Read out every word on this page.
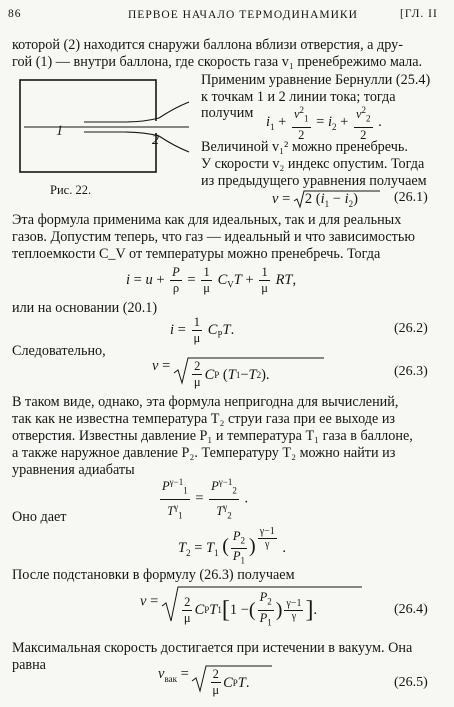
86	ПЕРВОЕ НАЧАЛО ТЕРМОДИНАМИКИ	[ГЛ. II
которой (2) находится снаружи баллона вблизи отверстия, а дру-
гой (1) — внутри баллона, где скорость газа v₁ пренебрежимо мала.
1
2
Рис. 22.
Применим уравнение Бернулли (25.4)
к точкам 1 и 2 линии тока; тогда
получим
$i_1 + \frac{v^2_1}{2} = i_2 + \frac{v^2_2}{2}$ .
Величиной v₁² можно пренебречь.
У скорости v₂ индекс опустим. Тогда
из предыдущего уравнения получаем
v =
2 $(i_1 - i_2)$	(26.1)
Эта формула применима как для идеальных, так и для реальных
газов. Допустим теперь, что газ — идеальный и что зависимостью
теплоемкости C_V от температуры можно пренебречь. Тогда
$i = u + \frac{P}{\rho} = \frac{1}{\mu} C_VT + \frac{1}{\mu}$ RT,
или на основании (20.1)
$i = \frac{1}{\mu} C_PT$.	(26.2)
Следовательно,
$v = \frac{2}{\mu}$ C P ( T 1 − T 2 ).	(26.3)
В таком виде, однако, эта формула непригодна для вычислений,
так как не известна температура T₂ струи газа при ее выходе из
отверстия. Известны давление P₁ и температура T₁ газа в баллоне,
а также наружное давление P₂. Температуру T₂ можно найти из
уравнения адиабаты
$\frac{P^{\gamma-1}_1}{T^\gamma_1} = \frac{P^{\gamma-1}_2}{T^\gamma_2}$ .
Оно дает
$T_2 = T_1$ ( $\frac{P_2}{P_1}$ ) $\frac{\gamma-1}{\gamma}$ .
После подстановки в формулу (26.3) получаем
$v = \frac{2}{\mu}$ C P T 1 [ 1 − ( $\frac{P_2}{P_1}$ ) $\frac{\gamma-1}{\gamma}$ ] .	(26.4)
Максимальная скорость достигается при истечении в вакуум. Она
равна
$v_{вак} = \frac{2}{\mu}$ C P T .	(26.5)
